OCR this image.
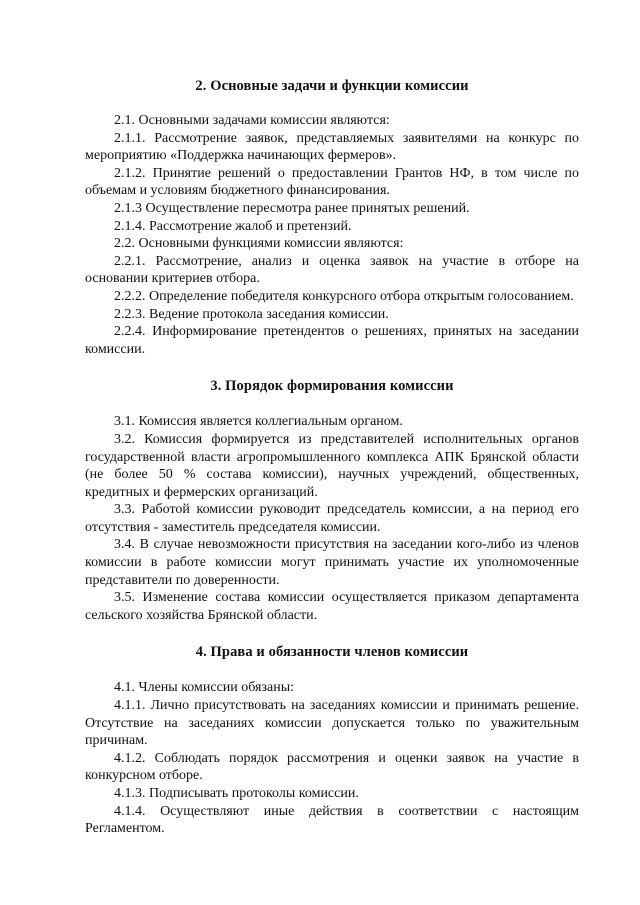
2. Основные задачи и функции комиссии

2.1. Основными задачами комиссии являются:

2.1.1. Рассмотрение заявок, представляемых заявителями на конкурс по мероприятию «Поддержка начинающих фермеров».

2.1.2. Принятие решений о предоставлении Грантов НФ, в том числе по объемам и условиям бюджетного финансирования.

2.1.3 Осуществление пересмотра ранее принятых решений.

2.1.4. Рассмотрение жалоб и претензий.

2.2. Основными функциями комиссии являются:

2.2.1. Рассмотрение, анализ и оценка заявок на участие в отборе на основании критериев отбора.

2.2.2. Определение победителя конкурсного отбора открытым голосованием.

2.2.3. Ведение протокола заседания комиссии.

2.2.4. Информирование претендентов о решениях, принятых на заседании комиссии.

3. Порядок формирования комиссии

3.1. Комиссия является коллегиальным органом.

3.2. Комиссия формируется из представителей исполнительных органов государственной власти агропромышленного комплекса АПК Брянской области (не более 50 % состава комиссии), научных учреждений, общественных, кредитных и фермерских организаций.

3.3. Работой комиссии руководит председатель комиссии, а на период его отсутствия - заместитель председателя комиссии.

3.4. В случае невозможности присутствия на заседании кого-либо из членов комиссии в работе комиссии могут принимать участие их уполномоченные представители по доверенности.

3.5. Изменение состава комиссии осуществляется приказом департамента сельского хозяйства Брянской области.

4. Права и обязанности членов комиссии

4.1. Члены комиссии обязаны:

4.1.1. Лично присутствовать на заседаниях комиссии и принимать решение. Отсутствие на заседаниях комиссии допускается только по уважительным причинам.

4.1.2. Соблюдать порядок рассмотрения и оценки заявок на участие в конкурсном отборе.

4.1.3. Подписывать протоколы комиссии.

4.1.4. Осуществляют иные действия в соответствии с настоящим Регламентом.
